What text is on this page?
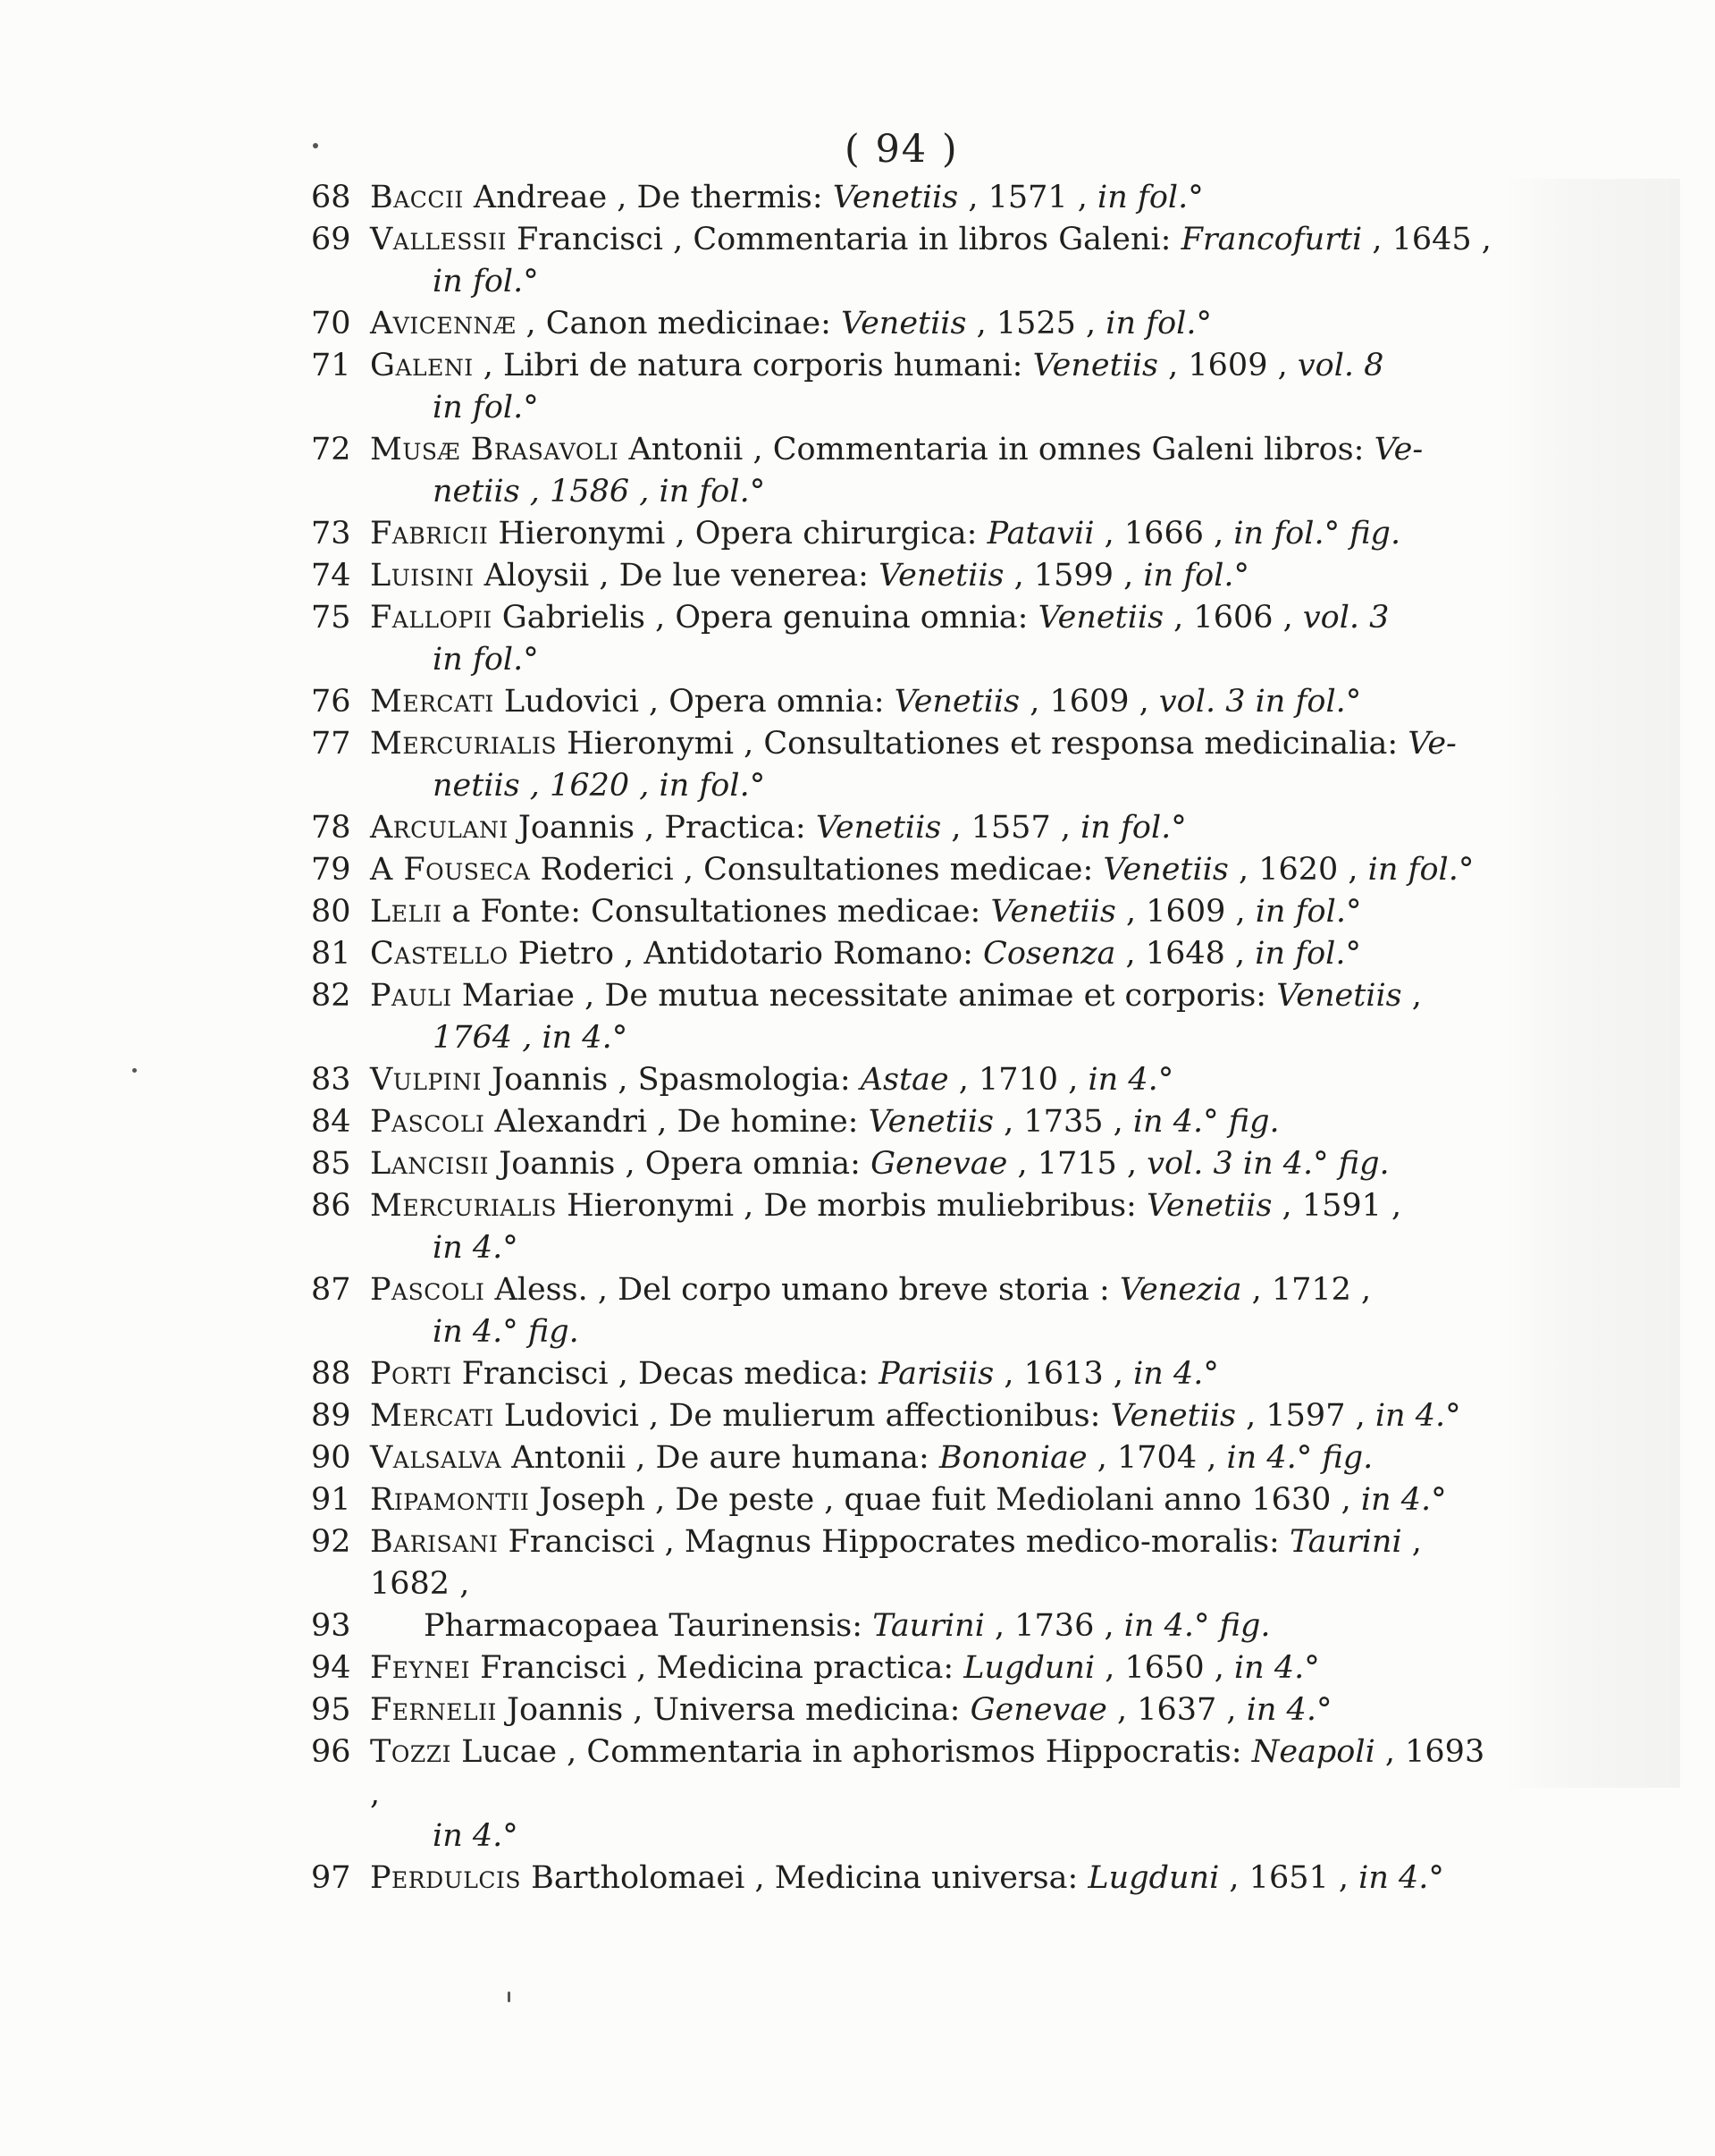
( 94 )
68 Baccii Andreae , De thermis: Venetiis , 1571 , in fol.°
69 Vallessii Francisci , Commentaria in libros Galeni: Francofurti , 1645 ,
in fol.°
70 Avicennæ , Canon medicinae: Venetiis , 1525 , in fol.°
71 Galeni , Libri de natura corporis humani: Venetiis , 1609 , vol. 8
in fol.°
72 Musæ Brasavoli Antonii , Commentaria in omnes Galeni libros: Ve-
netiis , 1586 , in fol.°
73 Fabricii Hieronymi , Opera chirurgica: Patavii , 1666 , in fol.° fig.
74 Luisini Aloysii , De lue venerea: Venetiis , 1599 , in fol.°
75 Fallopii Gabrielis , Opera genuina omnia: Venetiis , 1606 , vol. 3
in fol.°
76 Mercati Ludovici , Opera omnia: Venetiis , 1609 , vol. 3 in fol.°
77 Mercurialis Hieronymi , Consultationes et responsa medicinalia: Ve-
netiis , 1620 , in fol.°
78 Arculani Joannis , Practica: Venetiis , 1557 , in fol.°
79 A Fouseca Roderici , Consultationes medicae: Venetiis , 1620 , in fol.°
80 Lelii a Fonte: Consultationes medicae: Venetiis , 1609 , in fol.°
81 Castello Pietro , Antidotario Romano: Cosenza , 1648 , in fol.°
82 Pauli Mariae , De mutua necessitate animae et corporis: Venetiis ,
1764 , in 4.°
83 Vulpini Joannis , Spasmologia: Astae , 1710 , in 4.°
84 Pascoli Alexandri , De homine: Venetiis , 1735 , in 4.° fig.
85 Lancisii Joannis , Opera omnia: Genevae , 1715 , vol. 3 in 4.° fig.
86 Mercurialis Hieronymi , De morbis muliebribus: Venetiis , 1591 ,
in 4.°
87 Pascoli Aless. , Del corpo umano breve storia : Venezia , 1712 ,
in 4.° fig.
88 Porti Francisci , Decas medica: Parisiis , 1613 , in 4.°
89 Mercati Ludovici , De mulierum affectionibus: Venetiis , 1597 , in 4.°
90 Valsalva Antonii , De aure humana: Bononiae , 1704 , in 4.° fig.
91 Ripamontii Joseph , De peste , quae fuit Mediolani anno 1630 , in 4.°
92 Barisani Francisci , Magnus Hippocrates medico-moralis: Taurini , 1682 ,
93	Pharmacopaea Taurinensis: Taurini , 1736 , in 4.° fig.
94 Feynei Francisci , Medicina practica: Lugduni , 1650 , in 4.°
95 Fernelii Joannis , Universa medicina: Genevae , 1637 , in 4.°
96 Tozzi Lucae , Commentaria in aphorismos Hippocratis: Neapoli , 1693 ,
in 4.°
97 Perdulcis Bartholomaei , Medicina universa: Lugduni , 1651 , in 4.°
